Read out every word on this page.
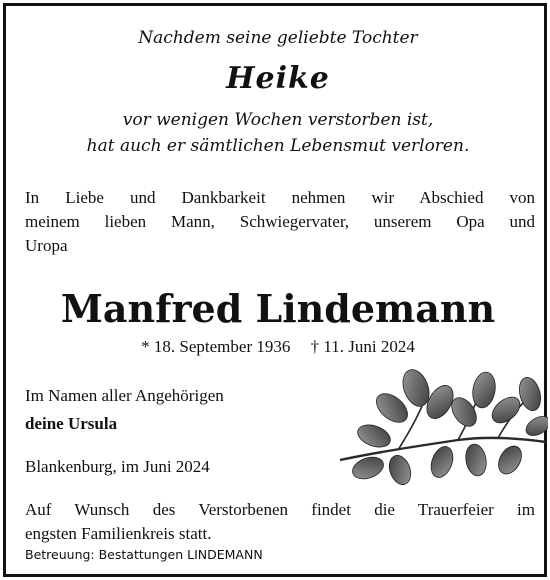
Nachdem seine geliebte Tochter
Heike
vor wenigen Wochen verstorben ist,
hat auch er sämtlichen Lebensmut verloren.
In Liebe und Dankbarkeit nehmen wir Abschied von
meinem lieben Mann, Schwiegervater, unserem Opa und
Uropa
Manfred Lindemann
* 18. September 1936 † 11. Juni 2024
Im Namen aller Angehörigen
deine Ursula
Blankenburg, im Juni 2024
Auf Wunsch des Verstorbenen findet die Trauerfeier im
engsten Familienkreis statt.
Betreuung: Bestattungen LINDEMANN
